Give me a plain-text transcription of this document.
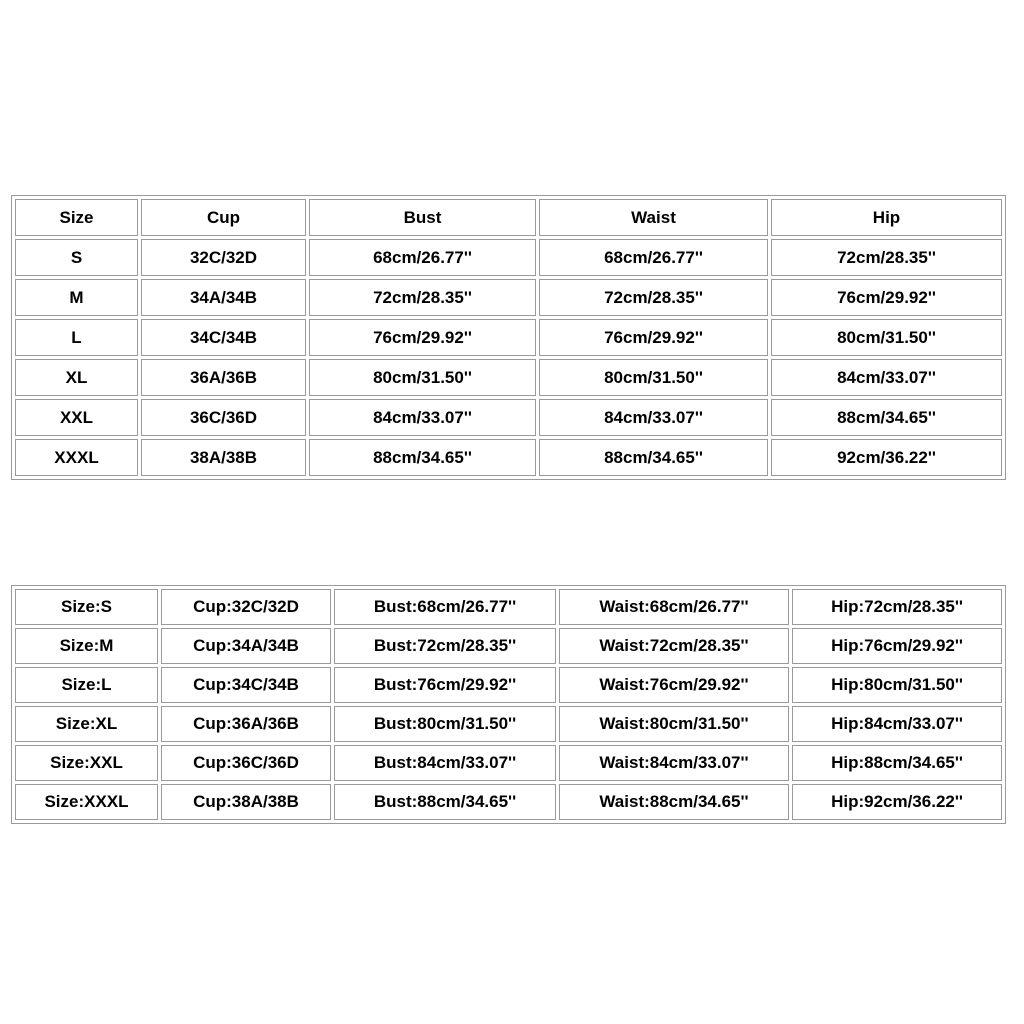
Size	Cup	Bust	Waist	Hip
S	32C/32D	68cm/26.77''	68cm/26.77''	72cm/28.35''
M	34A/34B	72cm/28.35''	72cm/28.35''	76cm/29.92''
L	34C/34B	76cm/29.92''	76cm/29.92''	80cm/31.50''
XL	36A/36B	80cm/31.50''	80cm/31.50''	84cm/33.07''
XXL	36C/36D	84cm/33.07''	84cm/33.07''	88cm/34.65''
XXXL	38A/38B	88cm/34.65''	88cm/34.65''	92cm/36.22''
Size:S	Cup:32C/32D	Bust:68cm/26.77''	Waist:68cm/26.77''	Hip:72cm/28.35''
Size:M	Cup:34A/34B	Bust:72cm/28.35''	Waist:72cm/28.35''	Hip:76cm/29.92''
Size:L	Cup:34C/34B	Bust:76cm/29.92''	Waist:76cm/29.92''	Hip:80cm/31.50''
Size:XL	Cup:36A/36B	Bust:80cm/31.50''	Waist:80cm/31.50''	Hip:84cm/33.07''
Size:XXL	Cup:36C/36D	Bust:84cm/33.07''	Waist:84cm/33.07''	Hip:88cm/34.65''
Size:XXXL	Cup:38A/38B	Bust:88cm/34.65''	Waist:88cm/34.65''	Hip:92cm/36.22''
